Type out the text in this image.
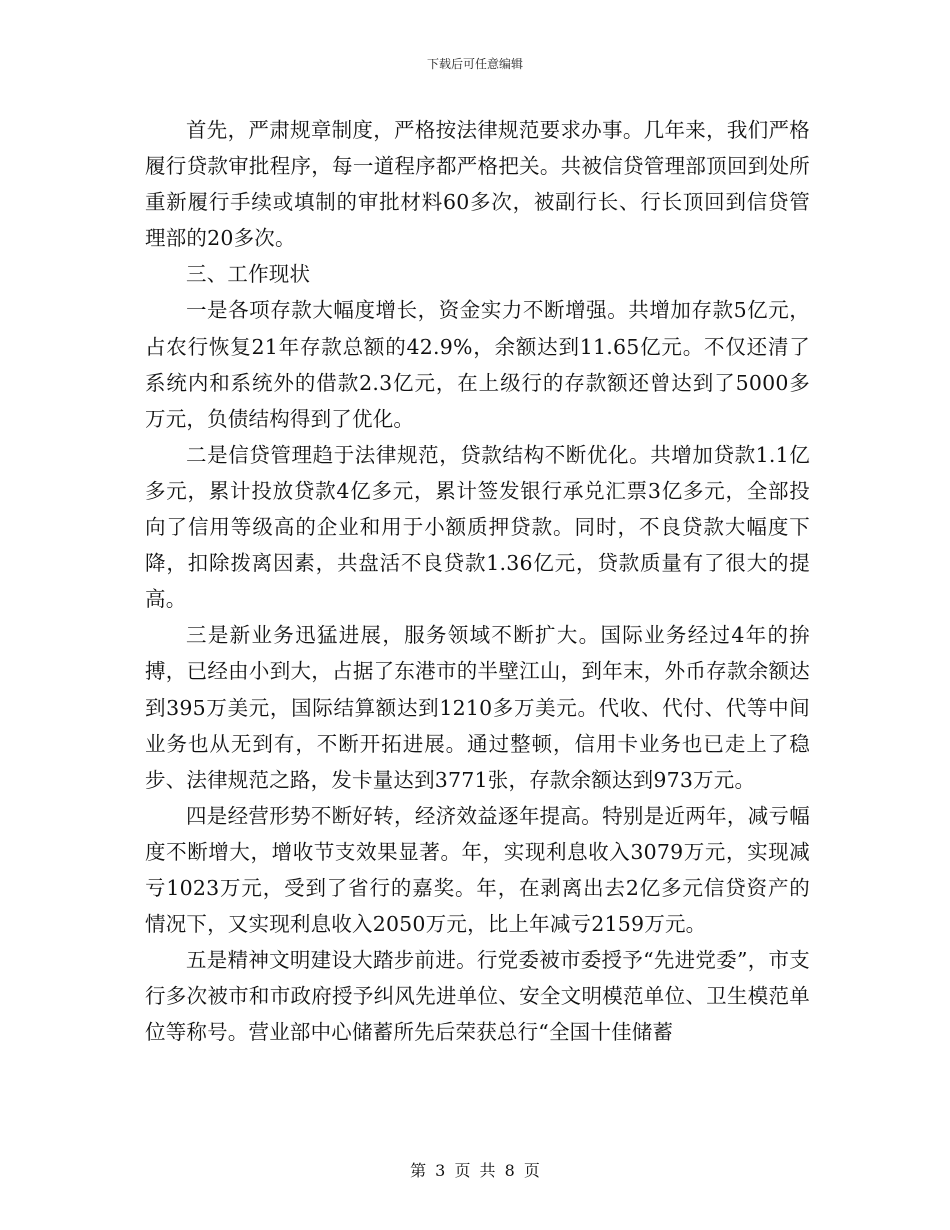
下载后可任意编辑

首先，严肃规章制度，严格按法律规范要求办事。几年来，我们严格履行贷款审批程序，每一道程序都严格把关。共被信贷管理部顶回到处所重新履行手续或填制的审批材料60多次，被副行长、行长顶回到信贷管理部的20多次。

三、工作现状

一是各项存款大幅度增长，资金实力不断增强。共增加存款5亿元，占农行恢复21年存款总额的42.9%，余额达到11.65亿元。不仅还清了系统内和系统外的借款2.3亿元，在上级行的存款额还曾达到了5000多万元，负债结构得到了优化。

二是信贷管理趋于法律规范，贷款结构不断优化。共增加贷款1.1亿多元，累计投放贷款4亿多元，累计签发银行承兑汇票3亿多元，全部投向了信用等级高的企业和用于小额质押贷款。同时，不良贷款大幅度下降，扣除拨离因素，共盘活不良贷款1.36亿元，贷款质量有了很大的提高。

三是新业务迅猛进展，服务领域不断扩大。国际业务经过4年的拚搏，已经由小到大，占据了东港市的半壁江山，到年末，外币存款余额达到395万美元，国际结算额达到1210多万美元。代收、代付、代等中间业务也从无到有，不断开拓进展。通过整顿，信用卡业务也已走上了稳步、法律规范之路，发卡量达到3771张，存款余额达到973万元。

四是经营形势不断好转，经济效益逐年提高。特别是近两年，减亏幅度不断增大，增收节支效果显著。年，实现利息收入3079万元，实现减亏1023万元，受到了省行的嘉奖。年，在剥离出去2亿多元信贷资产的情况下，又实现利息收入2050万元，比上年减亏2159万元。

五是精神文明建设大踏步前进。行党委被市委授予“先进党委”，市支行多次被市和市政府授予纠风先进单位、安全文明模范单位、卫生模范单位等称号。营业部中心储蓄所先后荣获总行“全国十佳储蓄

第 3 页 共 8 页
